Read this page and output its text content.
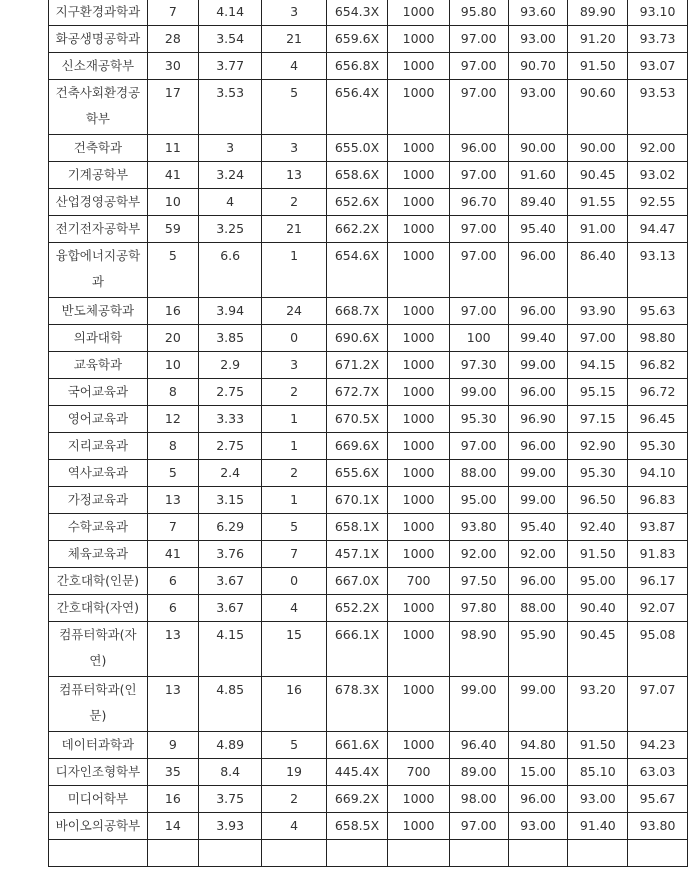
지구환경과학과	7	4.14	3	654.3X	1000	95.80	93.60	89.90	93.10
화공생명공학과	28	3.54	21	659.6X	1000	97.00	93.00	91.20	93.73
신소재공학부	30	3.77	4	656.8X	1000	97.00	90.70	91.50	93.07
건축사회환경공학부	17	3.53	5	656.4X	1000	97.00	93.00	90.60	93.53
건축학과	11	3	3	655.0X	1000	96.00	90.00	90.00	92.00
기계공학부	41	3.24	13	658.6X	1000	97.00	91.60	90.45	93.02
산업경영공학부	10	4	2	652.6X	1000	96.70	89.40	91.55	92.55
전기전자공학부	59	3.25	21	662.2X	1000	97.00	95.40	91.00	94.47
융합에너지공학과	5	6.6	1	654.6X	1000	97.00	96.00	86.40	93.13
반도체공학과	16	3.94	24	668.7X	1000	97.00	96.00	93.90	95.63
의과대학	20	3.85	0	690.6X	1000	100	99.40	97.00	98.80
교육학과	10	2.9	3	671.2X	1000	97.30	99.00	94.15	96.82
국어교육과	8	2.75	2	672.7X	1000	99.00	96.00	95.15	96.72
영어교육과	12	3.33	1	670.5X	1000	95.30	96.90	97.15	96.45
지리교육과	8	2.75	1	669.6X	1000	97.00	96.00	92.90	95.30
역사교육과	5	2.4	2	655.6X	1000	88.00	99.00	95.30	94.10
가정교육과	13	3.15	1	670.1X	1000	95.00	99.00	96.50	96.83
수학교육과	7	6.29	5	658.1X	1000	93.80	95.40	92.40	93.87
체육교육과	41	3.76	7	457.1X	1000	92.00	92.00	91.50	91.83
간호대학(인문)	6	3.67	0	667.0X	700	97.50	96.00	95.00	96.17
간호대학(자연)	6	3.67	4	652.2X	1000	97.80	88.00	90.40	92.07
컴퓨터학과(자연)	13	4.15	15	666.1X	1000	98.90	95.90	90.45	95.08
컴퓨터학과(인문)	13	4.85	16	678.3X	1000	99.00	99.00	93.20	97.07
데이터과학과	9	4.89	5	661.6X	1000	96.40	94.80	91.50	94.23
디자인조형학부	35	8.4	19	445.4X	700	89.00	15.00	85.10	63.03
미디어학부	16	3.75	2	669.2X	1000	98.00	96.00	93.00	95.67
바이오의공학부	14	3.93	4	658.5X	1000	97.00	93.00	91.40	93.80
